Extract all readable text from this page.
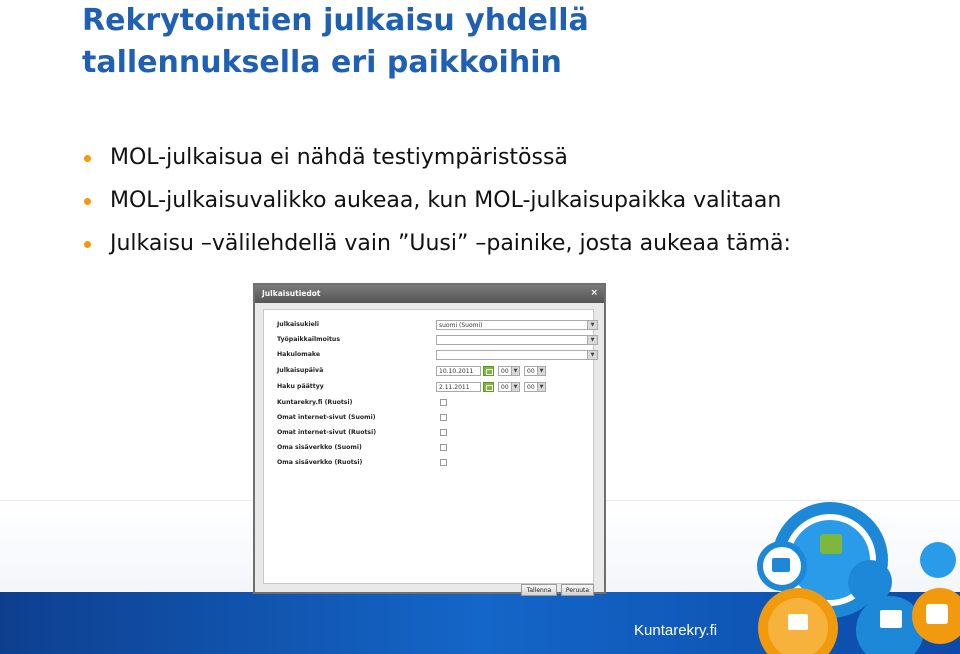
Rekrytointien julkaisu yhdellä
tallennuksella eri paikkoihin
MOL-julkaisua ei nähdä testiympäristössä
MOL-julkaisuvalikko aukeaa, kun MOL-julkaisupaikka valitaan
Julkaisu –välilehdellä vain ”Uusi” –painike, josta aukeaa tämä:
Kuntarekry.fi
Julkaisutiedot	×
Julkaisukieli	suomi (Suomi)	▼
Työpaikkailmoitus	▼
Hakulomake	▼
Julkaisupäivä	10.10.2011	00 ▼	00 ▼
Haku päättyy	2.11.2011	00 ▼	00 ▼
Kuntarekry.fi (Ruotsi)
Omat internet-sivut (Suomi)
Omat internet-sivut (Ruotsi)
Oma sisäverkko (Suomi)
Oma sisäverkko (Ruotsi)
Tallenna	Peruuta
